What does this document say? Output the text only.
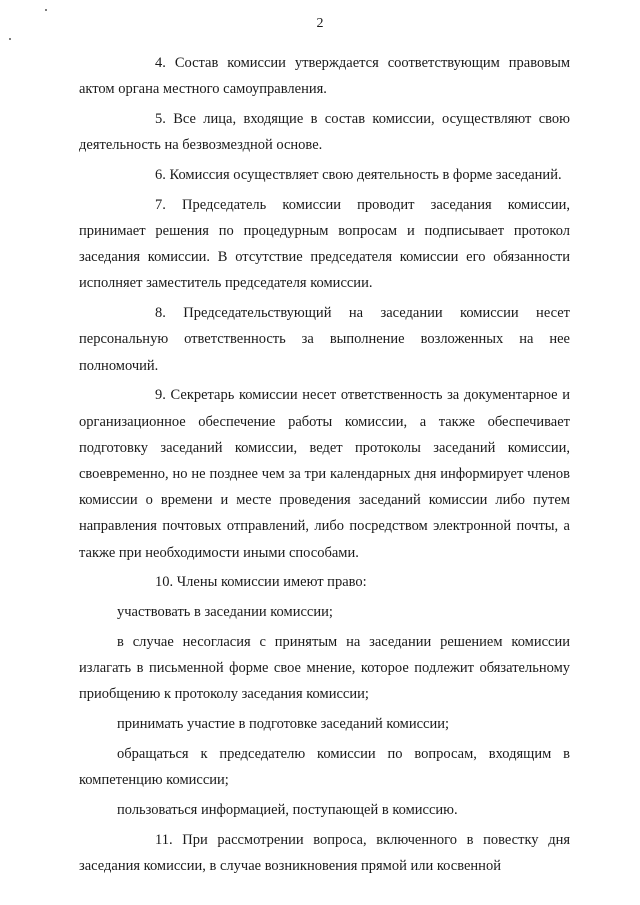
2

4. Состав комиссии утверждается соответствующим правовым актом органа местного самоуправления.

5. Все лица, входящие в состав комиссии, осуществляют свою деятельность на безвозмездной основе.

6. Комиссия осуществляет свою деятельность в форме заседаний.

7. Председатель комиссии проводит заседания комиссии, принимает решения по процедурным вопросам и подписывает протокол заседания комиссии. В отсутствие председателя комиссии его обязанности исполняет заместитель председателя комиссии.

8. Председательствующий на заседании комиссии несет персональную ответственность за выполнение возложенных на нее полномочий.

9. Секретарь комиссии несет ответственность за документарное и организационное обеспечение работы комиссии, а также обеспечивает подготовку заседаний комиссии, ведет протоколы заседаний комиссии, своевременно, но не позднее чем за три календарных дня информирует членов комиссии о времени и месте проведения заседаний комиссии либо путем направления почтовых отправлений, либо посредством электронной почты, а также при необходимости иными способами.

10. Члены комиссии имеют право:

участвовать в заседании комиссии;

в случае несогласия с принятым на заседании решением комиссии излагать в письменной форме свое мнение, которое подлежит обязательному приобщению к протоколу заседания комиссии;

принимать участие в подготовке заседаний комиссии;

обращаться к председателю комиссии по вопросам, входящим в компетенцию комиссии;

пользоваться информацией, поступающей в комиссию.

11. При рассмотрении вопроса, включенного в повестку дня заседания комиссии, в случае возникновения прямой или косвенной
